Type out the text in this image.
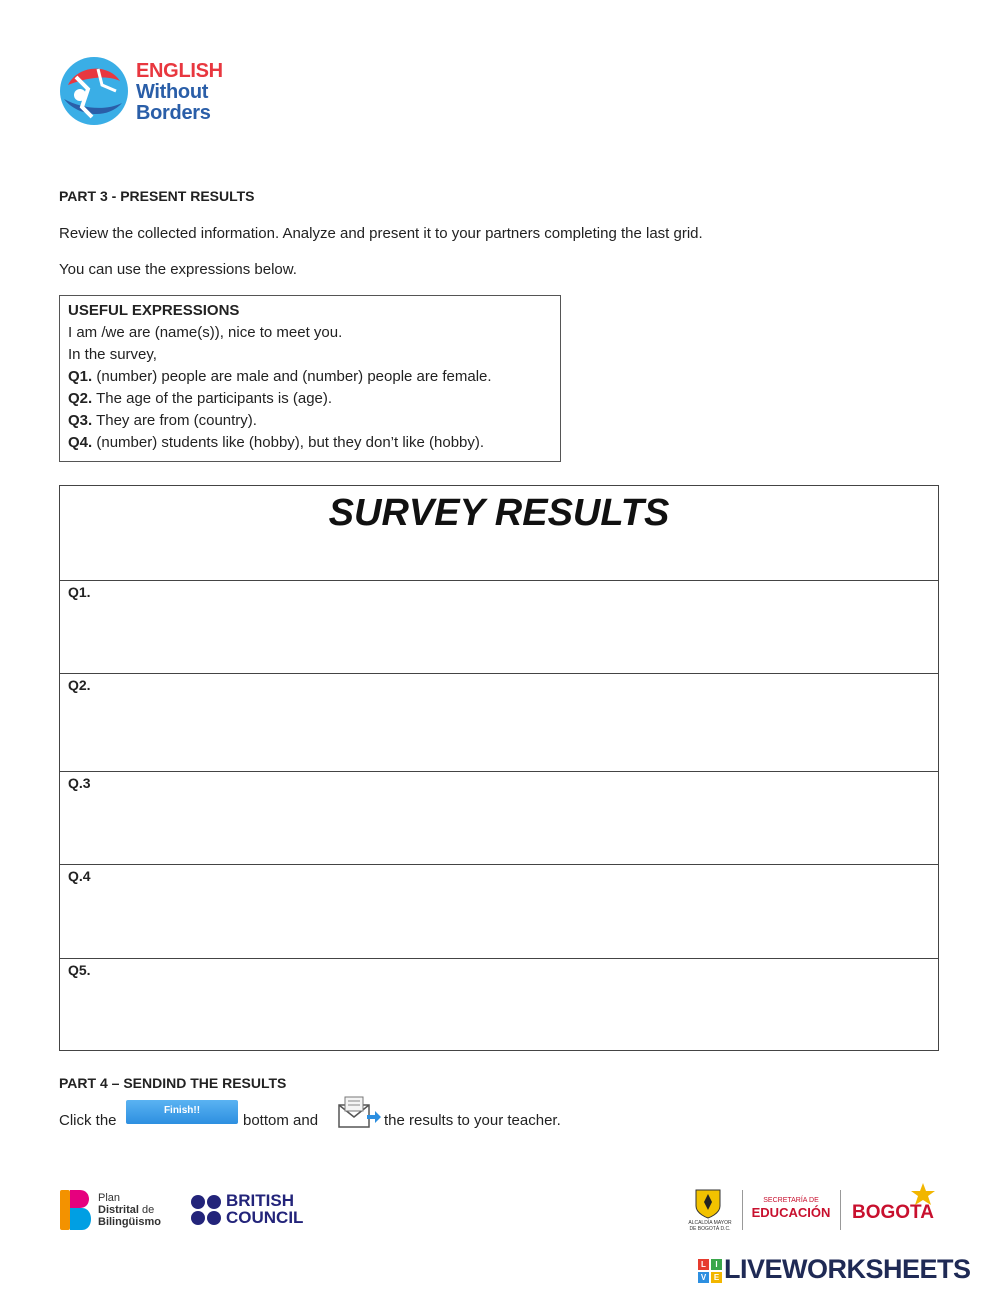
ENGLISH
Without
Borders
PART 3 - PRESENT RESULTS
Review the collected information. Analyze and present it to your partners completing the last grid.
You can use the expressions below.
USEFUL EXPRESSIONS
I am /we are (name(s)), nice to meet you.
In the survey,
Q1. (number) people are male and (number) people are female.
Q2. The age of the participants is (age).
Q3. They are from (country).
Q4. (number) students like (hobby), but they don’t like (hobby).
SURVEY RESULTS
Q1.
Q2.
Q.3
Q.4
Q5.
PART 4 – SENDIND THE RESULTS
Click the
Finish!!
bottom and	the results to your teacher.
Plan
Distrital de
Bilingüismo
BRITISH
COUNCIL	ALCALDÍA MAYOR
DE BOGOTÁ D.C.
SECRETARÍA DE
EDUCACIÓN BOGOTA
L	I
V E LIVEWORKSHEETS
